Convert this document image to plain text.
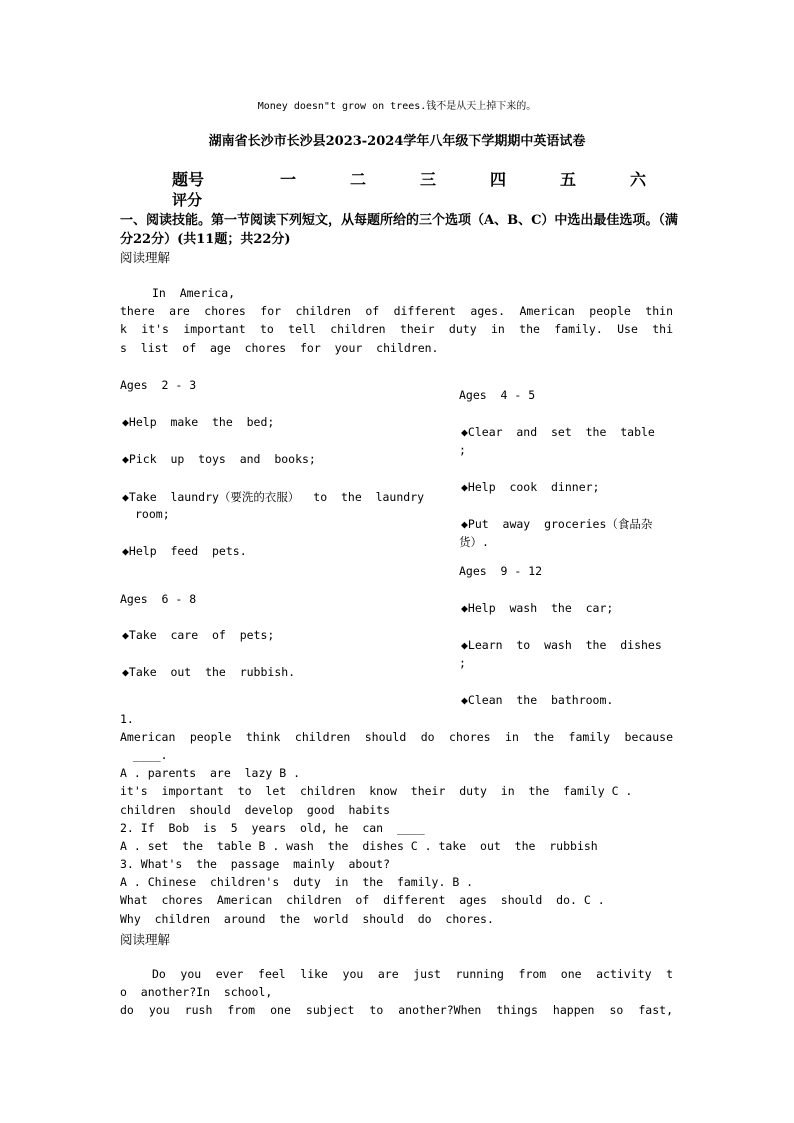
Money doesn"t grow on trees.钱不是从天上掉下来的。
湖南省长沙市长沙县2023-2024学年八年级下学期期中英语试卷
题号	一	二	三	四	五	六
评分
一、阅读技能。第一节阅读下列短文，从每题所给的三个选项（A、B、C）中选出最佳选项。（满分22分）(共11题；共22分)
阅读理解
In  America,
there are chores for children of different ages. American people thin
k it's important to tell children their duty in the family. Use thi
s  list  of  age  chores  for  your  children.
Ages  2 - 3
◆Help  make  the  bed;
◆Pick  up  toys  and  books;
◆Take  laundry（要洗的衣服）  to  the  laundry
room;
◆Help  feed  pets.
Ages  6 - 8
◆Take  care  of  pets;
◆Take  out  the  rubbish.
Ages  4 - 5
◆Clear  and  set  the  table
;
◆Help  cook  dinner;
◆Put  away  groceries（食品杂
货）.
Ages  9 - 12
◆Help  wash  the  car;
◆Learn  to  wash  the  dishes
;
◆Clean  the  bathroom.
1.
American people think children should do chores in the family because
____.
A . parents  are  lazy B .
it's  important  to  let  children  know  their  duty  in  the  family C .
children  should  develop  good  habits
2. If  Bob  is  5  years  old, he  can  ____
A . set  the  table B . wash  the  dishes C . take  out  the  rubbish
3. What's  the  passage  mainly  about?
A . Chinese  children's  duty  in  the  family. B .
What  chores  American  children  of  different  ages  should  do. C .
Why  children  around  the  world  should  do  chores.
阅读理解
Do you ever feel like you are just running from one activity t
o  another?In  school,
do you rush from one subject to another?When things happen so fast,
